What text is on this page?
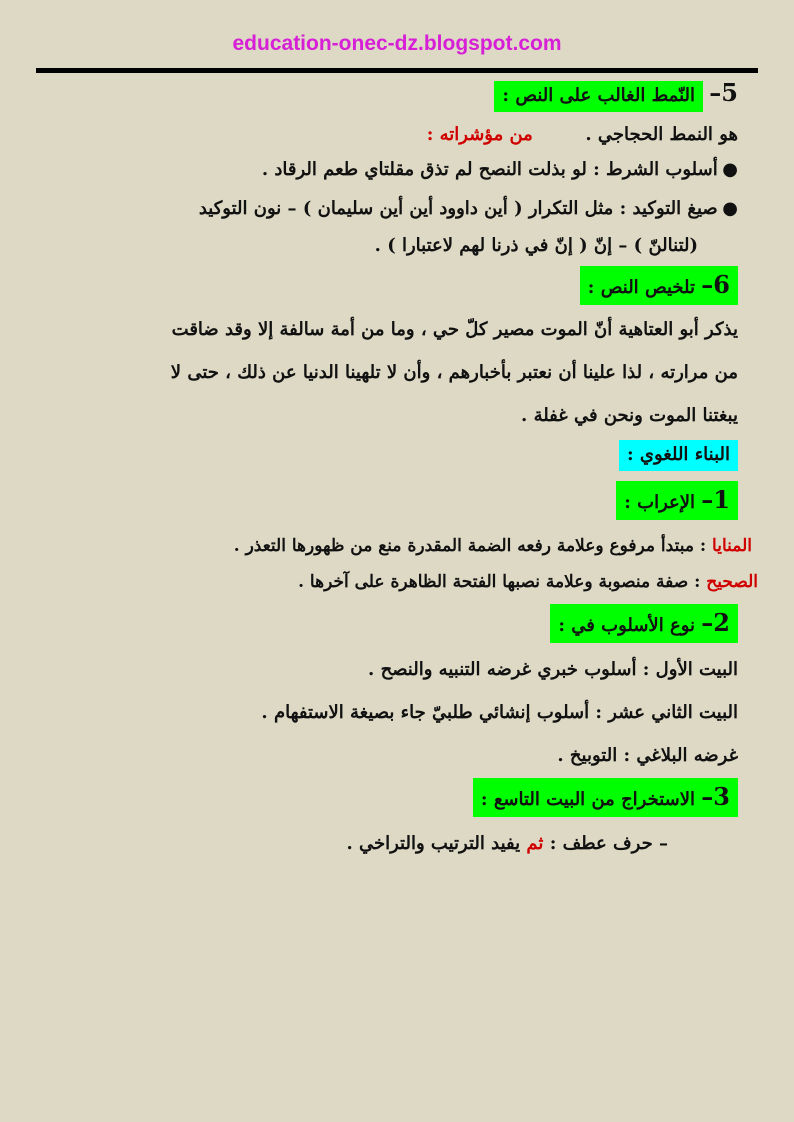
education-onec-dz.blogspot.com
5– النّمط الغالب على النص :
هو النمط الحجاجي .  من مؤشراته :
● أسلوب الشرط : لو بذلت النصح لم تذق مقلتاي طعم الرقاد .
● صيغ التوكيد : مثل التكرار ( أين داوود أين أين سليمان ) – نون التوكيد
(لتنالنّ ) – إنّ ( إنّ في ذرنا لهم لاعتبارا ) .
6– تلخيص النص :
يذكر أبو العتاهية أنّ الموت مصير كلّ حي ، وما من أمة سالفة إلا وقد ضاقت
من مرارته ، لذا علينا أن نعتبر بأخبارهم ، وأن لا تلهينا الدنيا عن ذلك ، حتى لا
يبغتنا الموت ونحن في غفلة .
البناء اللغوي :
1– الإعراب :
المنايا : مبتدأ مرفوع وعلامة رفعه الضمة المقدرة منع من ظهورها التعذر .
الصحيح : صفة منصوبة وعلامة نصبها الفتحة الظاهرة على آخرها .
2– نوع الأسلوب في :
البيت الأول : أسلوب خبري غرضه التنبيه والنصح .
البيت الثاني عشر : أسلوب إنشائي طلبيّ جاء بصيغة الاستفهام .
غرضه البلاغي : التوبيخ .
3– الاستخراج من البيت التاسع :
– حرف عطف : ثم يفيد الترتيب والتراخي .
